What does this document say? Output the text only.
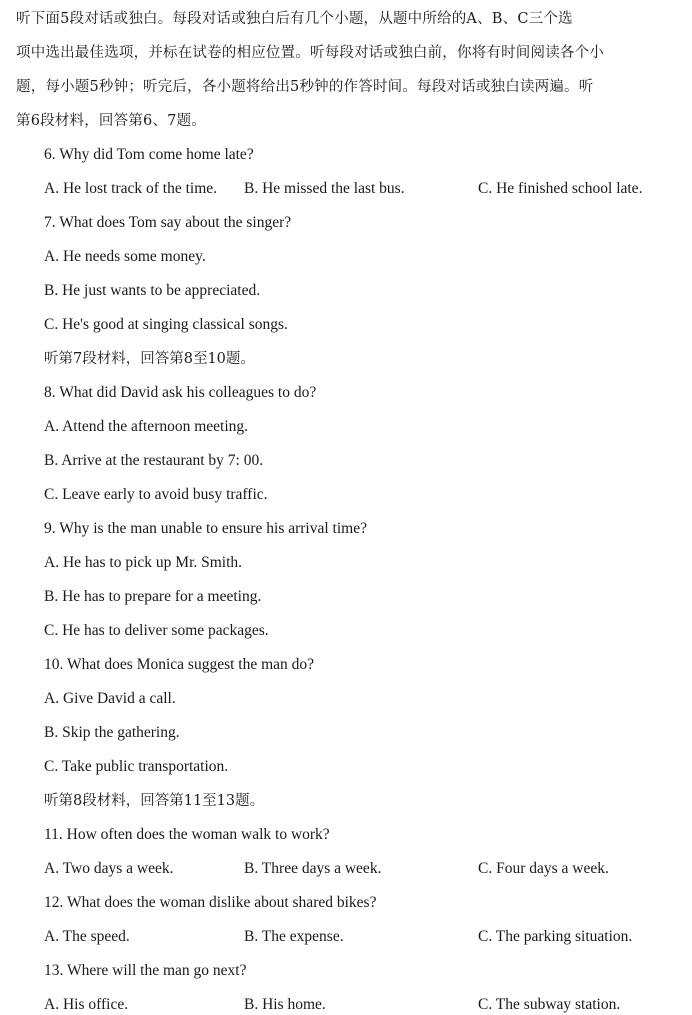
听下面5段对话或独白。每段对话或独白后有几个小题，从题中所给的A、B、C三个选
项中选出最佳选项，并标在试卷的相应位置。听每段对话或独白前，你将有时间阅读各个小
题，每小题5秒钟；听完后，各小题将给出5秒钟的作答时间。每段对话或独白读两遍。听
第6段材料，回答第6、7题。
6. Why did Tom come home late?
A. He lost track of the time. B. He missed the last bus.	C. He finished school late.
7. What does Tom say about the singer?
A. He needs some money.
B. He just wants to be appreciated.
C. He's good at singing classical songs.
听第7段材料，回答第8至10题。
8. What did David ask his colleagues to do?
A. Attend the afternoon meeting.
B. Arrive at the restaurant by 7: 00.
C. Leave early to avoid busy traffic.
9. Why is the man unable to ensure his arrival time?
A. He has to pick up Mr. Smith.
B. He has to prepare for a meeting.
C. He has to deliver some packages.
10. What does Monica suggest the man do?
A. Give David a call.
B. Skip the gathering.
C. Take public transportation.
听第8段材料，回答第11至13题。
11. How often does the woman walk to work?
A. Two days a week.	B. Three days a week.	C. Four days a week.
12. What does the woman dislike about shared bikes?
A. The speed.	B. The expense.	C. The parking situation.
13. Where will the man go next?
A. His office.	B. His home.	C. The subway station.
